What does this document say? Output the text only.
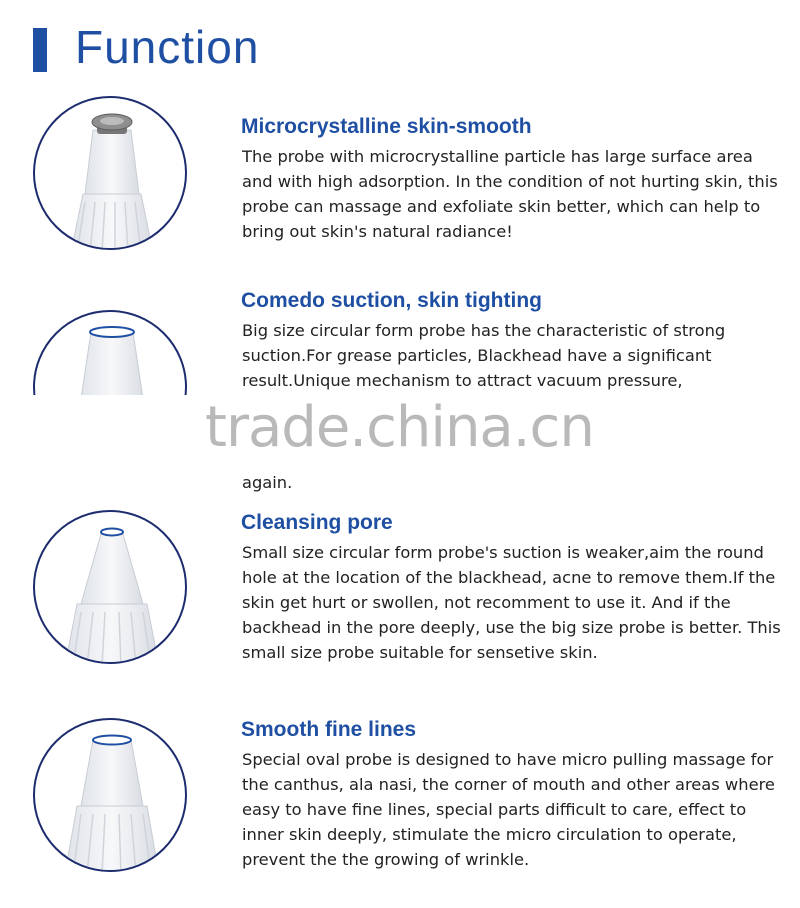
Function
Microcrystalline skin-smooth

The probe with microcrystalline particle has large surface area and with high adsorption. In the condition of not hurting skin, this probe can massage and exfoliate skin better, which can help to bring out skin's natural radiance!

Comedo suction, skin tighting

Big size circular form probe has the characteristic of strong suction.For grease particles, Blackhead have a significant result.Unique mechanism to attract vacuum pressure,

again.

trade.china.cn
Cleansing pore

Small size circular form probe's suction is weaker,aim the round hole at the location of the blackhead, acne to remove them.If the skin get hurt or swollen, not recomment to use it. And if the backhead in the pore deeply, use the big size probe is better. This small size probe suitable for sensetive skin.

Smooth fine lines

Special oval probe is designed to have micro pulling massage for the canthus, ala nasi, the corner of mouth and other areas where easy to have fine lines, special parts difficult to care, effect to inner skin deeply, stimulate the micro circulation to operate, prevent the the growing of wrinkle.
